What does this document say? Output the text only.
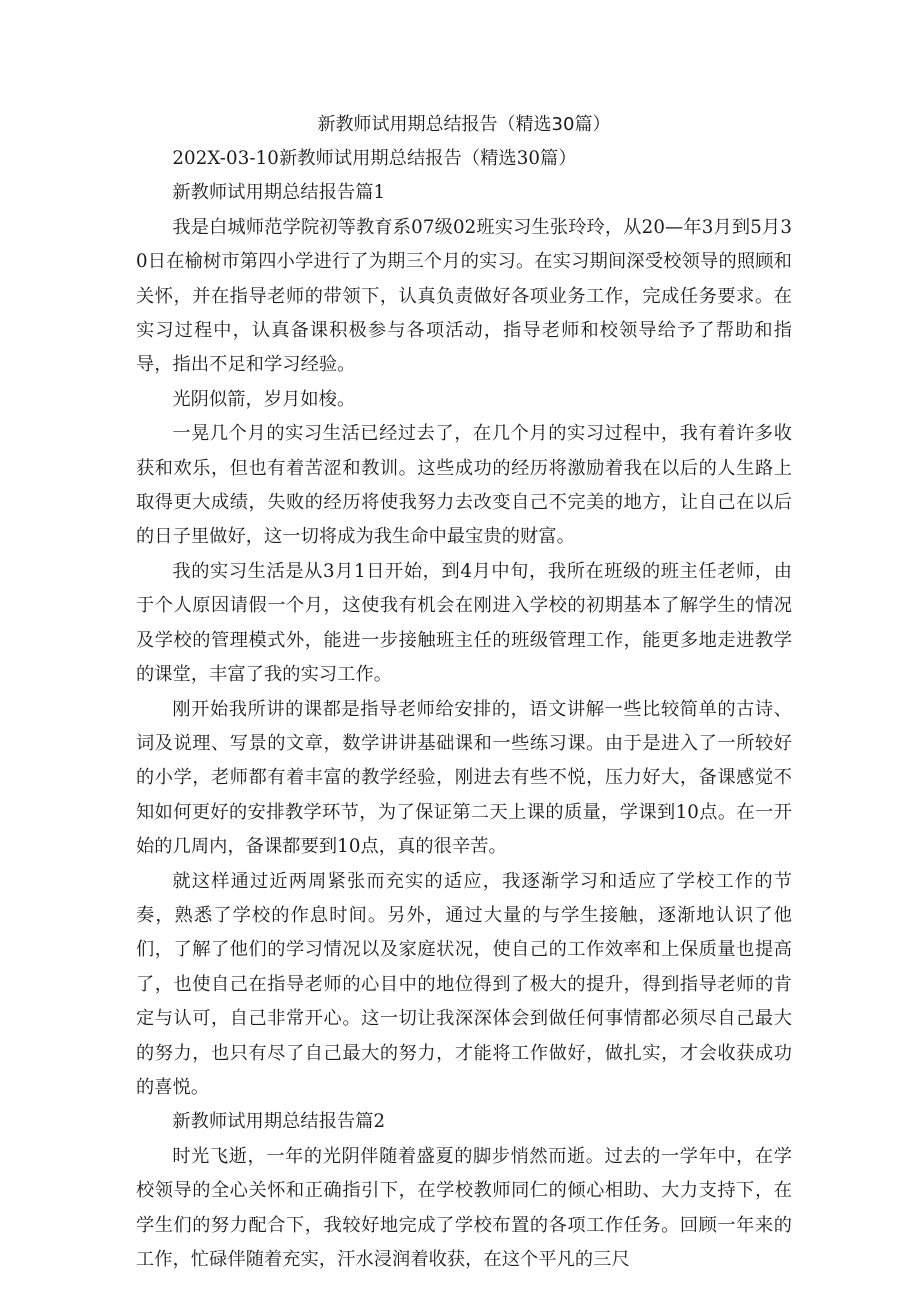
新教师试用期总结报告（精选30篇）

202X-03-10新教师试用期总结报告（精选30篇）

新教师试用期总结报告篇1

我是白城师范学院初等教育系07级02班实习生张玲玲，从20—年3月到5月30日在榆树市第四小学进行了为期三个月的实习。在实习期间深受校领导的照顾和关怀，并在指导老师的带领下，认真负责做好各项业务工作，完成任务要求。在实习过程中，认真备课积极参与各项活动，指导老师和校领导给予了帮助和指导，指出不足和学习经验。

光阴似箭，岁月如梭。

一晃几个月的实习生活已经过去了，在几个月的实习过程中，我有着许多收获和欢乐，但也有着苦涩和教训。这些成功的经历将激励着我在以后的人生路上取得更大成绩，失败的经历将使我努力去改变自己不完美的地方，让自己在以后的日子里做好，这一切将成为我生命中最宝贵的财富。

我的实习生活是从3月1日开始，到4月中旬，我所在班级的班主任老师，由于个人原因请假一个月，这使我有机会在刚进入学校的初期基本了解学生的情况及学校的管理模式外，能进一步接触班主任的班级管理工作，能更多地走进教学的课堂，丰富了我的实习工作。

刚开始我所讲的课都是指导老师给安排的，语文讲解一些比较简单的古诗、词及说理、写景的文章，数学讲讲基础课和一些练习课。由于是进入了一所较好的小学，老师都有着丰富的教学经验，刚进去有些不悦，压力好大，备课感觉不知如何更好的安排教学环节，为了保证第二天上课的质量，学课到10点。在一开始的几周内，备课都要到10点，真的很辛苦。

就这样通过近两周紧张而充实的适应，我逐渐学习和适应了学校工作的节奏，熟悉了学校的作息时间。另外，通过大量的与学生接触，逐渐地认识了他们，了解了他们的学习情况以及家庭状况，使自己的工作效率和上保质量也提高了，也使自己在指导老师的心目中的地位得到了极大的提升，得到指导老师的肯定与认可，自己非常开心。这一切让我深深体会到做任何事情都必须尽自己最大的努力，也只有尽了自己最大的努力，才能将工作做好，做扎实，才会收获成功的喜悦。

新教师试用期总结报告篇2

时光飞逝，一年的光阴伴随着盛夏的脚步悄然而逝。过去的一学年中，在学校领导的全心关怀和正确指引下，在学校教师同仁的倾心相助、大力支持下，在学生们的努力配合下，我较好地完成了学校布置的各项工作任务。回顾一年来的工作，忙碌伴随着充实，汗水浸润着收获，在这个平凡的三尺
